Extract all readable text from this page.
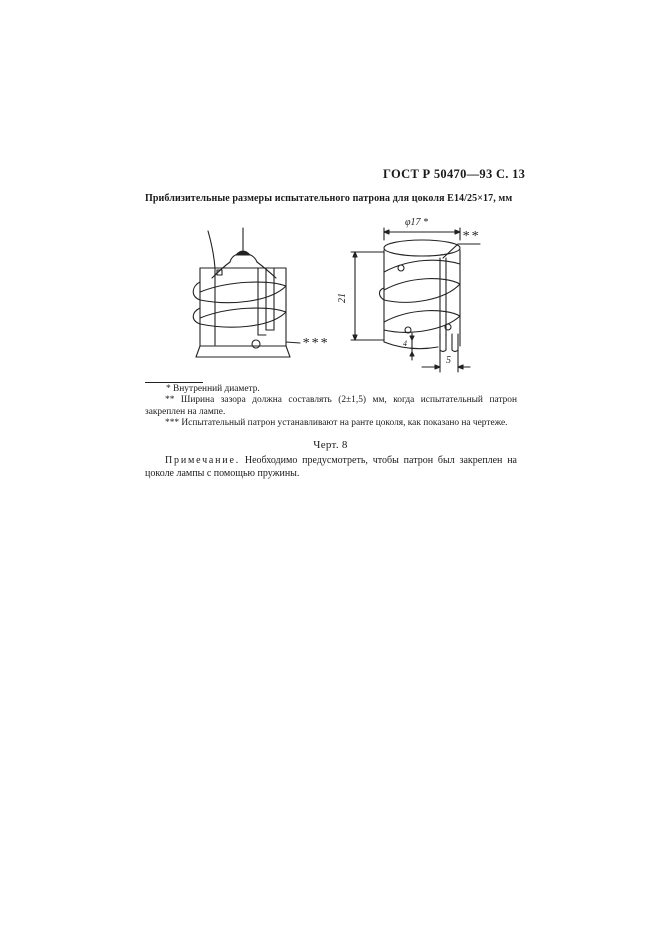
ГОСТ Р 50470—93 С. 13
Приблизительные размеры испытательного патрона для цоколя E14/25×17, мм
***
**
φ17 *
21
4
5
* Внутренний диаметр.
** Ширина зазора должна составлять (2±1,5) мм, когда испытательный патрон закреплен на лампе.
*** Испытательный патрон устанавливают на ранте цоколя, как показано на чертеже.
Черт. 8
Примечание. Необходимо предусмотреть, чтобы патрон был закреплен на цоколе лампы с помощью пружины.
